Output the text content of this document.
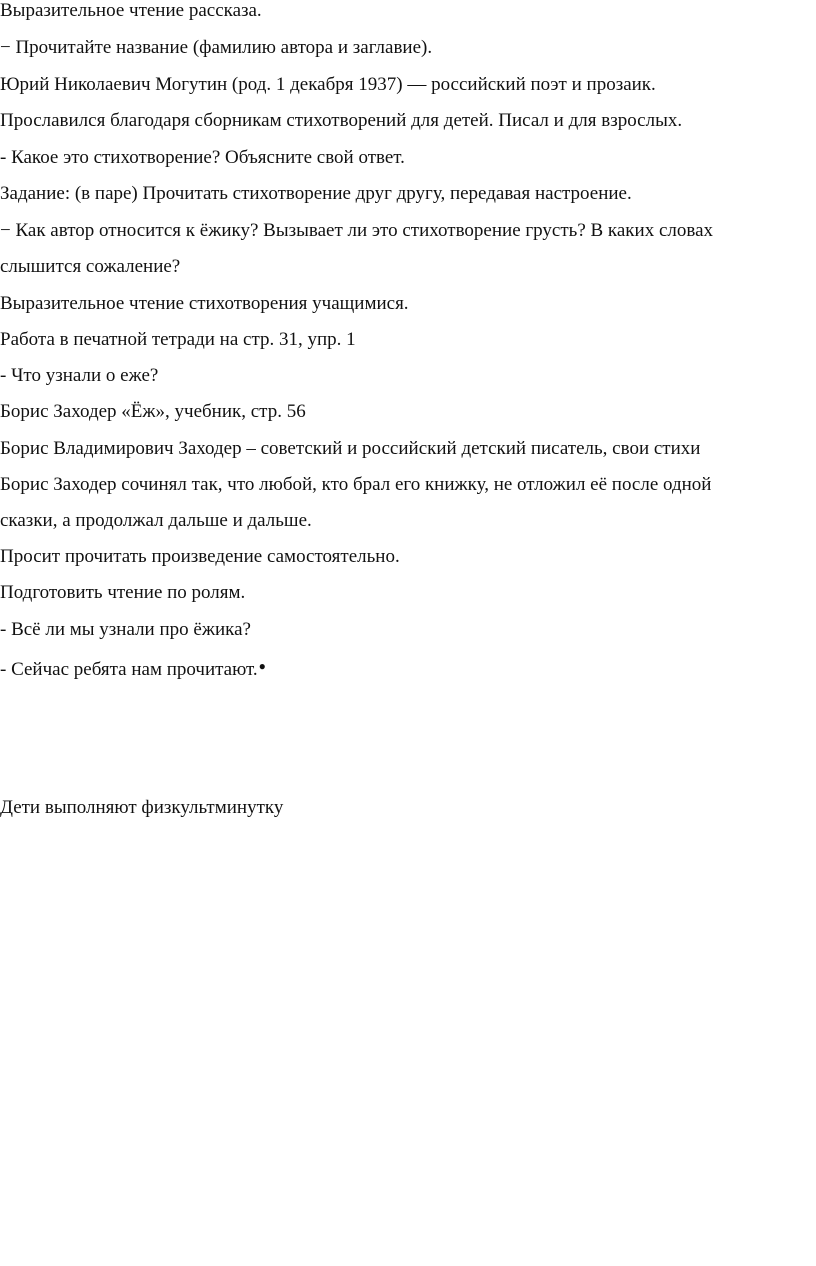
Выразительное чтение рассказа.

− Прочитайте название (фамилию автора и заглавие).

Юрий Николаевич Могутин (род. 1 декабря 1937) — российский поэт и прозаик.

Прославился благодаря сборникам стихотворений для детей. Писал и для взрослых.

- Какое это стихотворение? Объясните свой ответ.

Задание: (в паре) Прочитать стихотворение друг другу, передавая настроение.

− Как автор относится к ёжику? Вызывает ли это стихотворение грусть? В каких словах

слышится сожаление?

Выразительное чтение стихотворения учащимися.

Работа в печатной тетради на стр. 31, упр. 1

- Что узнали о еже?

Борис Заходер «Ёж», учебник, стр. 56

Борис Владимирович Заходер – советский и российский детский писатель, свои стихи

Борис Заходер сочинял так, что любой, кто брал его книжку, не отложил её после одной

сказки, а продолжал дальше и дальше.

Просит прочитать произведение самостоятельно.

Подготовить чтение по ролям.

- Всё ли мы узнали про ёжика?

- Сейчас ребята нам прочитают.●

Дети выполняют физкультминутку
